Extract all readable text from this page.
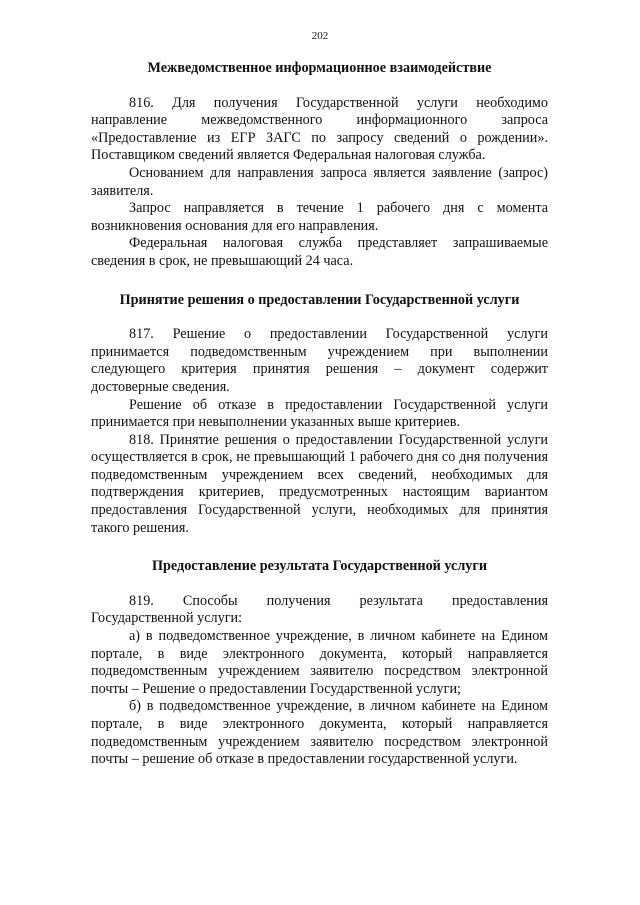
202
Межведомственное информационное взаимодействие

816. Для получения Государственной услуги необходимо направление межведомственного информационного запроса «Предоставление из ЕГР ЗАГС по запросу сведений о рождении». Поставщиком сведений является Федеральная налоговая служба.

Основанием для направления запроса является заявление (запрос) заявителя.

Запрос направляется в течение 1 рабочего дня с момента возникновения основания для его направления.

Федеральная налоговая служба представляет запрашиваемые сведения в срок, не превышающий 24 часа.

Принятие решения о предоставлении Государственной услуги

817. Решение о предоставлении Государственной услуги принимается подведомственным учреждением при выполнении следующего критерия принятия решения – документ содержит достоверные сведения.

Решение об отказе в предоставлении Государственной услуги принимается при невыполнении указанных выше критериев.

818. Принятие решения о предоставлении Государственной услуги осуществляется в срок, не превышающий 1 рабочего дня со дня получения подведомственным учреждением всех сведений, необходимых для подтверждения критериев, предусмотренных настоящим вариантом предоставления Государственной услуги, необходимых для принятия такого решения.

Предоставление результата Государственной услуги

819. Способы получения результата предоставления Государственной услуги:

а) в подведомственное учреждение, в личном кабинете на Едином портале, в виде электронного документа, который направляется подведомственным учреждением заявителю посредством электронной почты – Решение о предоставлении Государственной услуги;

б) в подведомственное учреждение, в личном кабинете на Едином портале, в виде электронного документа, который направляется подведомственным учреждением заявителю посредством электронной почты – решение об отказе в предоставлении государственной услуги.
